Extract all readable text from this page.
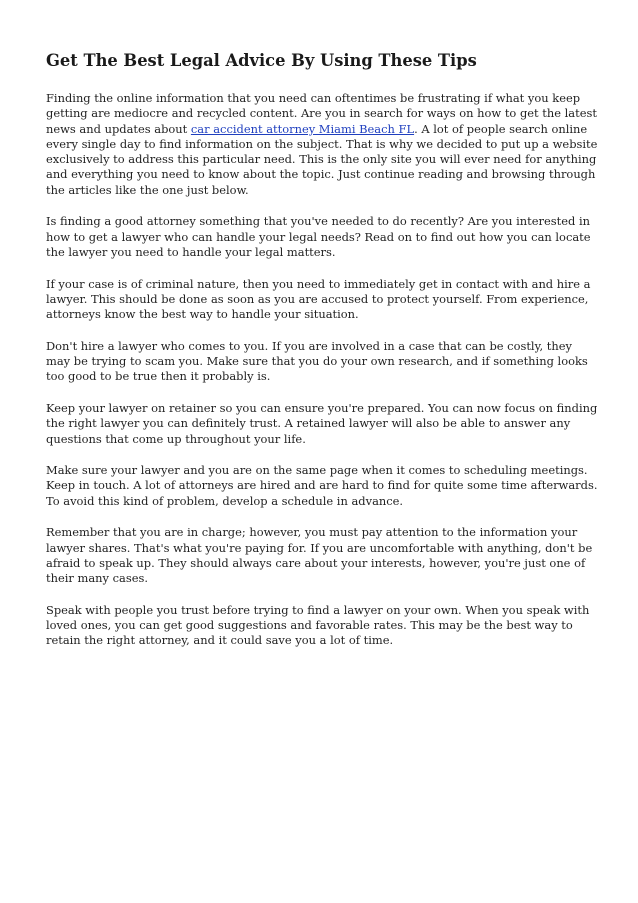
Get The Best Legal Advice By Using These Tips

Finding the online information that you need can oftentimes be frustrating if what you keep getting are mediocre and recycled content. Are you in search for ways on how to get the latest news and updates about car accident attorney Miami Beach FL. A lot of people search online every single day to find information on the subject. That is why we decided to put up a website exclusively to address this particular need. This is the only site you will ever need for anything and everything you need to know about the topic. Just continue reading and browsing through the articles like the one just below.

Is finding a good attorney something that you've needed to do recently? Are you interested in how to get a lawyer who can handle your legal needs? Read on to find out how you can locate the lawyer you need to handle your legal matters.

If your case is of criminal nature, then you need to immediately get in contact with and hire a lawyer. This should be done as soon as you are accused to protect yourself. From experience, attorneys know the best way to handle your situation.

Don't hire a lawyer who comes to you. If you are involved in a case that can be costly, they may be trying to scam you. Make sure that you do your own research, and if something looks too good to be true then it probably is.

Keep your lawyer on retainer so you can ensure you're prepared. You can now focus on finding the right lawyer you can definitely trust. A retained lawyer will also be able to answer any questions that come up throughout your life.

Make sure your lawyer and you are on the same page when it comes to scheduling meetings. Keep in touch. A lot of attorneys are hired and are hard to find for quite some time afterwards. To avoid this kind of problem, develop a schedule in advance.

Remember that you are in charge; however, you must pay attention to the information your lawyer shares. That's what you're paying for. If you are uncomfortable with anything, don't be afraid to speak up. They should always care about your interests, however, you're just one of their many cases.

Speak with people you trust before trying to find a lawyer on your own. When you speak with loved ones, you can get good suggestions and favorable rates. This may be the best way to retain the right attorney, and it could save you a lot of time.
